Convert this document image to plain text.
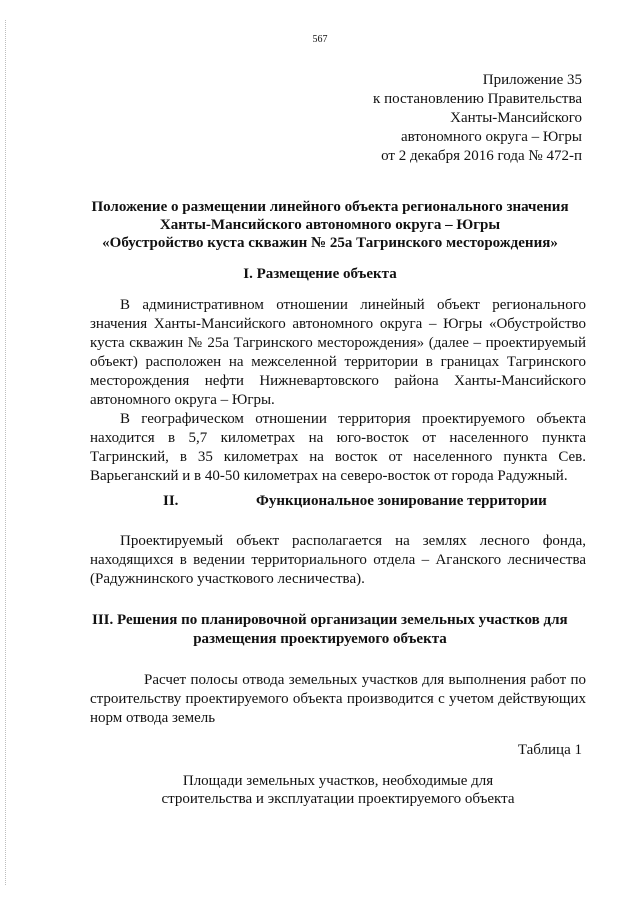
567
Приложение 35
к постановлению Правительства
Ханты-Мансийского
автономного округа – Югры
от 2 декабря 2016 года № 472-п
Положение о размещении линейного объекта регионального значения
Ханты-Мансийского автономного округа – Югры
«Обустройство куста скважин № 25а Тагринского месторождения»
I. Размещение объекта

В административном отношении линейный объект регионального значения Ханты-Мансийского автономного округа – Югры «Обустройство куста скважин № 25а Тагринского месторождения» (далее – проектируемый объект) расположен на межселенной территории в границах Тагринского месторождения нефти Нижневартовского района Ханты-Мансийского автономного округа – Югры.

В географическом отношении территория проектируемого объекта находится в 5,7 километрах на юго-восток от населенного пункта Тагринский, в 35 километрах на восток от населенного пункта Сев. Варьеганский и в 40-50 километрах на северо-восток от города Радужный.

II.	Функциональное зонирование территории

Проектируемый объект располагается на землях лесного фонда, находящихся в ведении территориального отдела – Аганского лесничества (Радужнинского участкового лесничества).

III. Решения по планировочной организации земельных участков для
размещения проектируемого объекта

Расчет полосы отвода земельных участков для выполнения работ по строительству проектируемого объекта производится с учетом действующих норм отвода земель

Таблица 1
Площади земельных участков, необходимые для
строительства и эксплуатации проектируемого объекта
